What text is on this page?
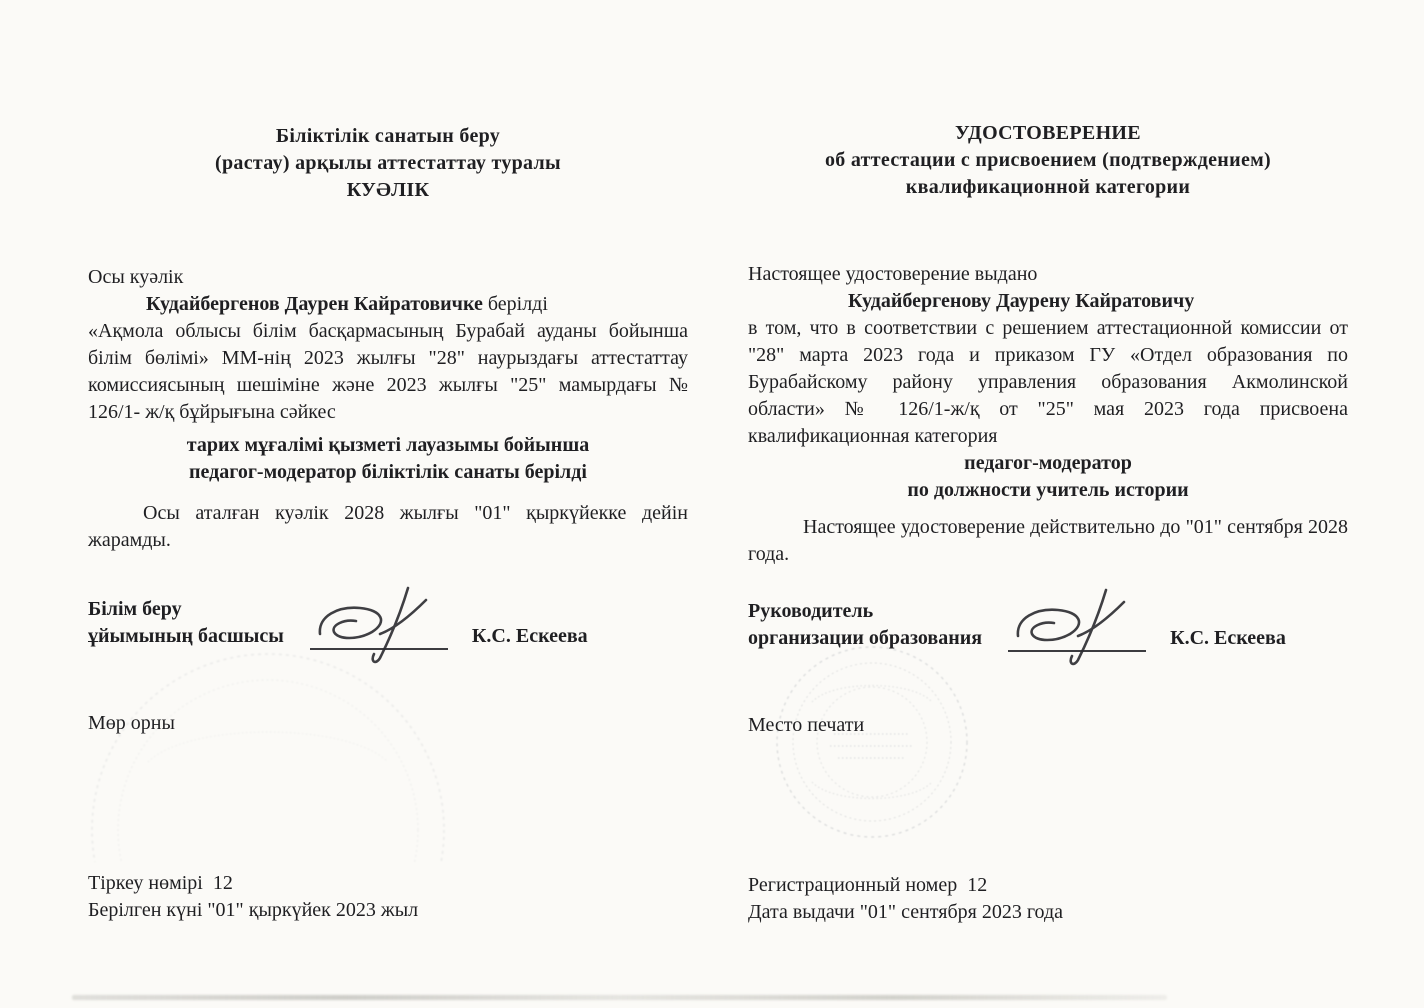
Біліктілік санатын беру
(растау) арқылы аттестаттау туралы
КУӘЛІК
Осы куәлік
Кудайбергенов Даурен Кайратовичке берілді
«Ақмола облысы білім басқармасының Бурабай ауданы бойынша білім бөлімі» ММ-нің 2023 жылғы "28" наурыздағы аттестаттау комиссиясының шешіміне және 2023 жылғы "25" мамырдағы № 126/1- ж/қ бұйрығына сәйкес
тарих мұғалімі қызметі лауазымы бойынша
педагог-модератор біліктілік санаты берілді
Осы аталған куәлік 2028 жылғы "01" қыркүйекке дейін жарамды.
Білім беру
ұйымының басшысы	К.С. Ескеева
Мөр орны
Тіркеу нөмірі  12
Берілген күні "01" қыркүйек 2023 жыл
УДОСТОВЕРЕНИЕ
об аттестации с присвоением (подтверждением)
квалификационной категории
Настоящее удостоверение выдано
Кудайбергенову Даурену Кайратовичу
в том, что в соответствии с решением аттестационной комиссии от "28" марта 2023 года и приказом ГУ «Отдел образования по Бурабайскому району управления образования Акмолинской области» № 126/1-ж/қ от "25" мая 2023 года присвоена квалификационная категория
педагог-модератор
по должности учитель истории
Настоящее удостоверение действительно до "01" сентября 2028 года.
Руководитель
организации образования	К.С. Ескеева
Место печати
Регистрационный номер  12
Дата выдачи "01" сентября 2023 года
